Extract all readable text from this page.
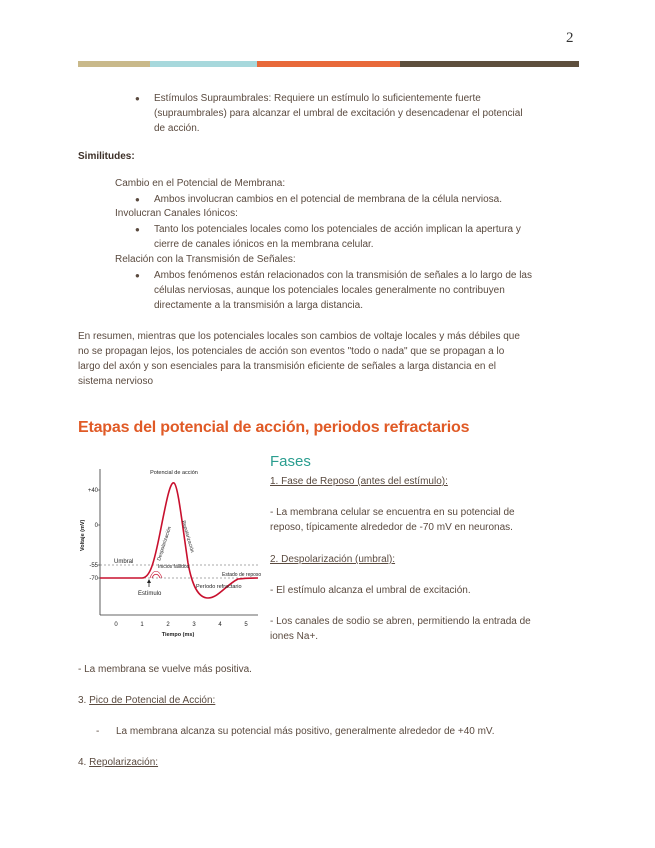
2
● Estímulos Supraumbrales: Requiere un estímulo lo suficientemente fuerte
(supraumbrales) para alcanzar el umbral de excitación y desencadenar el potencial
de acción.
Similitudes:
Cambio en el Potencial de Membrana:
● Ambos involucran cambios en el potencial de membrana de la célula nerviosa.
Involucran Canales Iónicos:
● Tanto los potenciales locales como los potenciales de acción implican la apertura y
cierre de canales iónicos en la membrana celular.
Relación con la Transmisión de Señales:
● Ambos fenómenos están relacionados con la transmisión de señales a lo largo de las
células nerviosas, aunque los potenciales locales generalmente no contribuyen
directamente a la transmisión a larga distancia.
En resumen, mientras que los potenciales locales son cambios de voltaje locales y más débiles que
no se propagan lejos, los potenciales de acción son eventos "todo o nada" que se propagan a lo
largo del axón y son esenciales para la transmisión eficiente de señales a larga distancia en el
sistema nervioso
Etapas del potencial de acción, periodos refractarios
+40
0
-55
-70
Voltaje (mV)
0	1	2	3	4	5
Tiempo (ms)
Potencial de acción
Despolarización Repolarización
Umbral
Inicios fallidos
Estado de reposo
Período refractario
Estímulo
Fases
1. Fase de Reposo (antes del estímulo):
- La membrana celular se encuentra en su potencial de
reposo, típicamente alrededor de -70 mV en neuronas.
2. Despolarización (umbral):
- El estímulo alcanza el umbral de excitación.
- Los canales de sodio se abren, permitiendo la entrada de
iones Na+.
- La membrana se vuelve más positiva.
3. Pico de Potencial de Acción:
- La membrana alcanza su potencial más positivo, generalmente alrededor de +40 mV.
4. Repolarización:
